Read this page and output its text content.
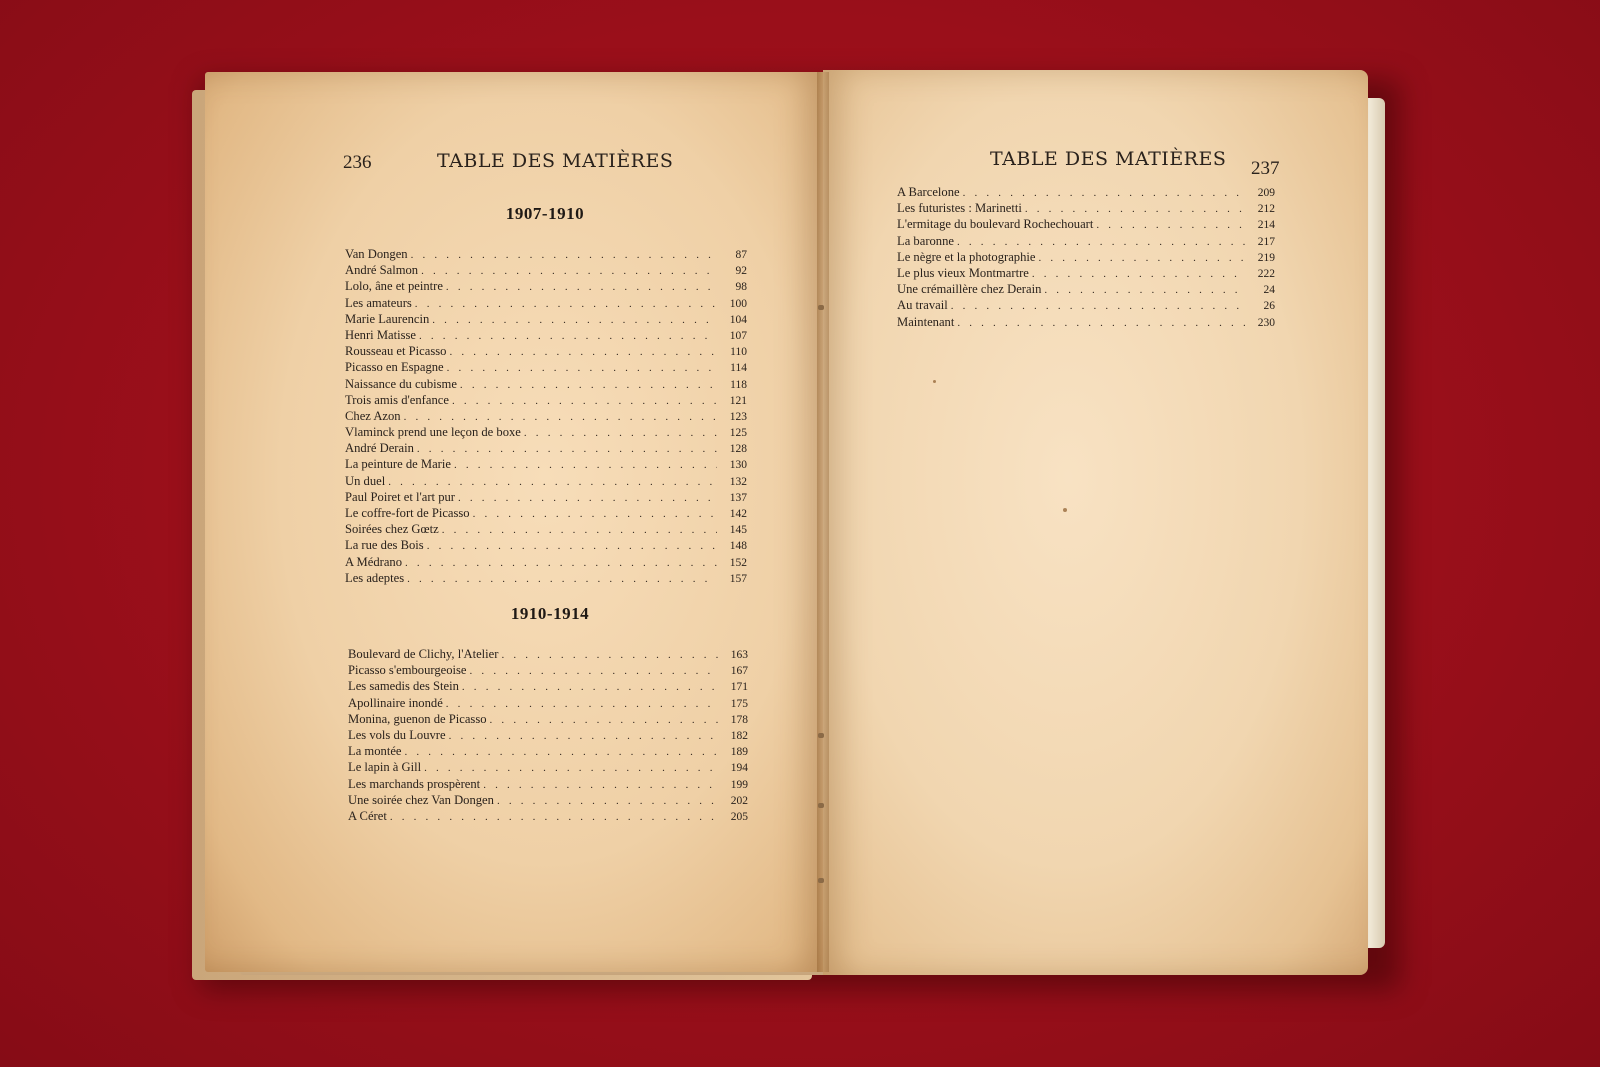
236	TABLE DES MATIÈRES
1907-1910
Van Dongen . . .	87
André Salmon . . .	92
Lolo, âne et peintre . . .	98
Les amateurs . . .	100
Marie Laurencin . . .	104
Henri Matisse . . .	107
Rousseau et Picasso . . .	110
Picasso en Espagne . . .	114
Naissance du cubisme . . .	118
Trois amis d'enfance . . .	121
Chez Azon . . .	123
Vlaminck prend une leçon de boxe . . .	125
André Derain . . .	128
La peinture de Marie . . .	130
Un duel . . .	132
Paul Poiret et l'art pur . . .	137
Le coffre-fort de Picasso . . .	142
Soirées chez Gœtz . . .	145
La rue des Bois . . .	148
A Médrano . . .	152
Les adeptes . . .	157
1910-1914
Boulevard de Clichy, l'Atelier . . .	163
Picasso s'embourgeoise . . .	167
Les samedis des Stein . . .	171
Apollinaire inondé . . .	175
Monina, guenon de Picasso . . .	178
Les vols du Louvre . . .	182
La montée . . .	189
Le lapin à Gill . . .	194
Les marchands prospèrent . . .	199
Une soirée chez Van Dongen . . .	202
A Céret . . .	205
TABLE DES MATIÈRES 237
A Barcelone . . .	209
Les futuristes : Marinetti . . .	212
L'ermitage du boulevard Rochechouart . . .	214
La baronne . . .	217
Le nègre et la photographie . . .	219
Le plus vieux Montmartre . . .	222
Une crémaillère chez Derain . . .	24
Au travail . . .	26
Maintenant . . .	230
